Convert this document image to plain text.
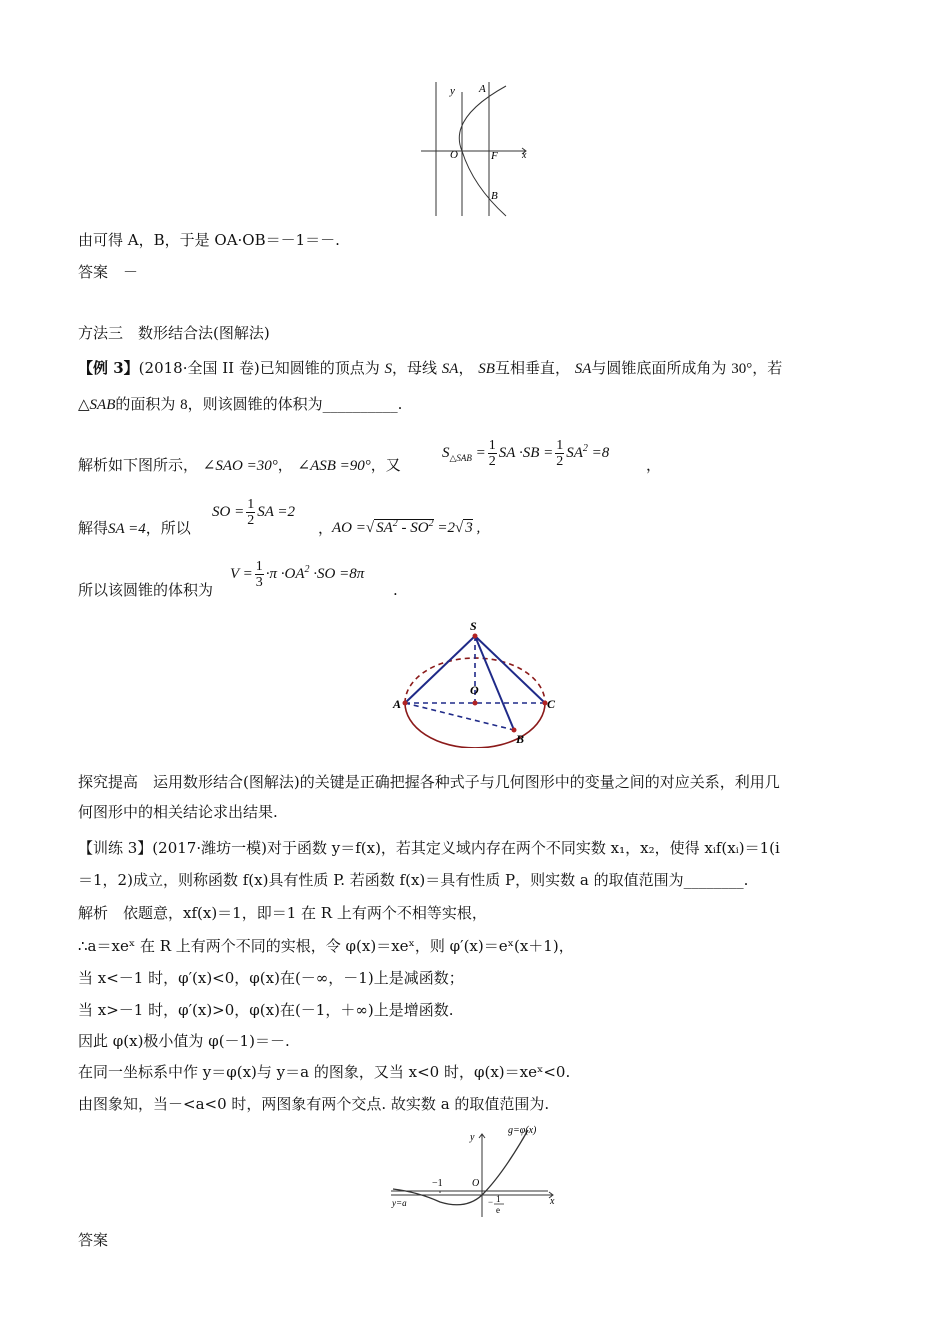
y A
O	F x
B
由可得 A，B，于是 OA·OB＝－1＝－.
答案　－
方法三　数形结合法(图解法)
【例 3】(2018·全国 II 卷)已知圆锥的顶点为 S，母线 SA， SB互相垂直， SA与圆锥底面所成角为 30°，若
△SAB的面积为 8，则该圆锥的体积为__________.
解析如下图所示， ∠SAO =30°， ∠ASB =90°，又
$S_{\triangle SAB} = \frac{1}{2}$ SA $\cdot SB = \frac{1}{2} SA^2 =8$
，
解得SA =4，所以
SO = $\frac{1}{2}$ SA =2
，
AO =√ $SA^2 - SO^2 =2√$ 3 ,
所以该圆锥的体积为
$V = \frac{1}{3} \cdot\pi \cdot OA^2 \cdot SO =8\pi$
.
S
O
A	C
B
探究提高　运用数形结合(图解法)的关键是正确把握各种式子与几何图形中的变量之间的对应关系，利用几
何图形中的相关结论求出结果.
【训练 3】(2017·潍坊一模)对于函数 y＝f(x)，若其定义域内存在两个不同实数 x₁，x₂，使得 xᵢf(xᵢ)＝1(i
＝1，2)成立，则称函数 f(x)具有性质 P. 若函数 f(x)＝具有性质 P，则实数 a 的取值范围为________.
解析　依题意，xf(x)＝1，即＝1 在 R 上有两个不相等实根，
∴a＝xeˣ 在 R 上有两个不同的实根，令 φ(x)＝xeˣ，则 φ′(x)＝eˣ(x＋1)，
当 x<－1 时，φ′(x)<0，φ(x)在(－∞，－1)上是减函数；
当 x>－1 时，φ′(x)>0，φ(x)在(－1，＋∞)上是增函数.
因此 φ(x)极小值为 φ(－1)＝－.
在同一坐标系中作 y＝φ(x)与 y＝a 的图象，又当 x<0 时，φ(x)＝xeˣ<0.
由图象知，当－<a<0 时，两图象有两个交点. 故实数 a 的取值范围为.
g=φ(x)
y
−1	O
x
y=a	− 1
e
答案
